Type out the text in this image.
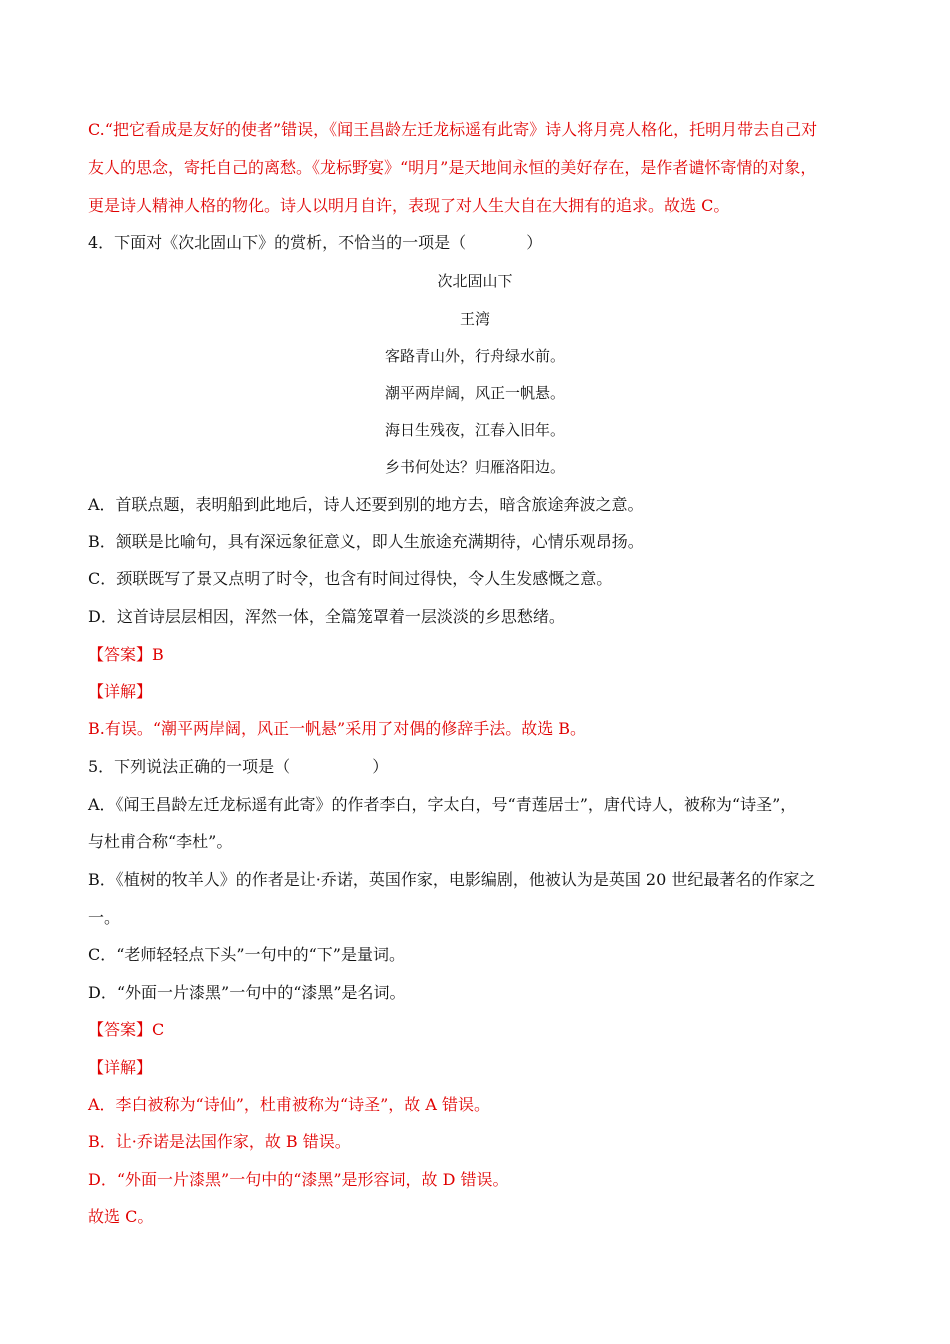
C.“把它看成是友好的使者”错误，《闻王昌龄左迁龙标遥有此寄》诗人将月亮人格化，托明月带去自己对
友人的思念，寄托自己的离愁。《龙标野宴》“明月”是天地间永恒的美好存在，是作者谴怀寄情的对象，
更是诗人精神人格的物化。诗人以明月自许，表现了对人生大自在大拥有的追求。故选 C。
4．下面对《次北固山下》的赏析，不恰当的一项是（	）
次北固山下
王湾
客路青山外，行舟绿水前。
潮平两岸阔，风正一帆悬。
海日生残夜，江春入旧年。
乡书何处达？归雁洛阳边。
A．首联点题，表明船到此地后，诗人还要到别的地方去，暗含旅途奔波之意。
B．颔联是比喻句，具有深远象征意义，即人生旅途充满期待，心情乐观昂扬。
C．颈联既写了景又点明了时令，也含有时间过得快，令人生发感慨之意。
D．这首诗层层相因，浑然一体，全篇笼罩着一层淡淡的乡思愁绪。
【答案】B
【详解】
B.有误。“潮平两岸阔，风正一帆悬”采用了对偶的修辞手法。故选 B。
5．下列说法正确的一项是（	）
A．《闻王昌龄左迁龙标遥有此寄》的作者李白，字太白，号“青莲居士”，唐代诗人，被称为“诗圣”，
与杜甫合称“李杜”。
B．《植树的牧羊人》的作者是让·乔诺，英国作家，电影编剧，他被认为是英国 20 世纪最著名的作家之
一。
C．“老师轻轻点下头”一句中的“下”是量词。
D．“外面一片漆黑”一句中的“漆黑”是名词。
【答案】C
【详解】
A．李白被称为“诗仙”，杜甫被称为“诗圣”，故 A 错误。
B．让·乔诺是法国作家，故 B 错误。
D．“外面一片漆黑”一句中的“漆黑”是形容词，故 D 错误。
故选 C。
